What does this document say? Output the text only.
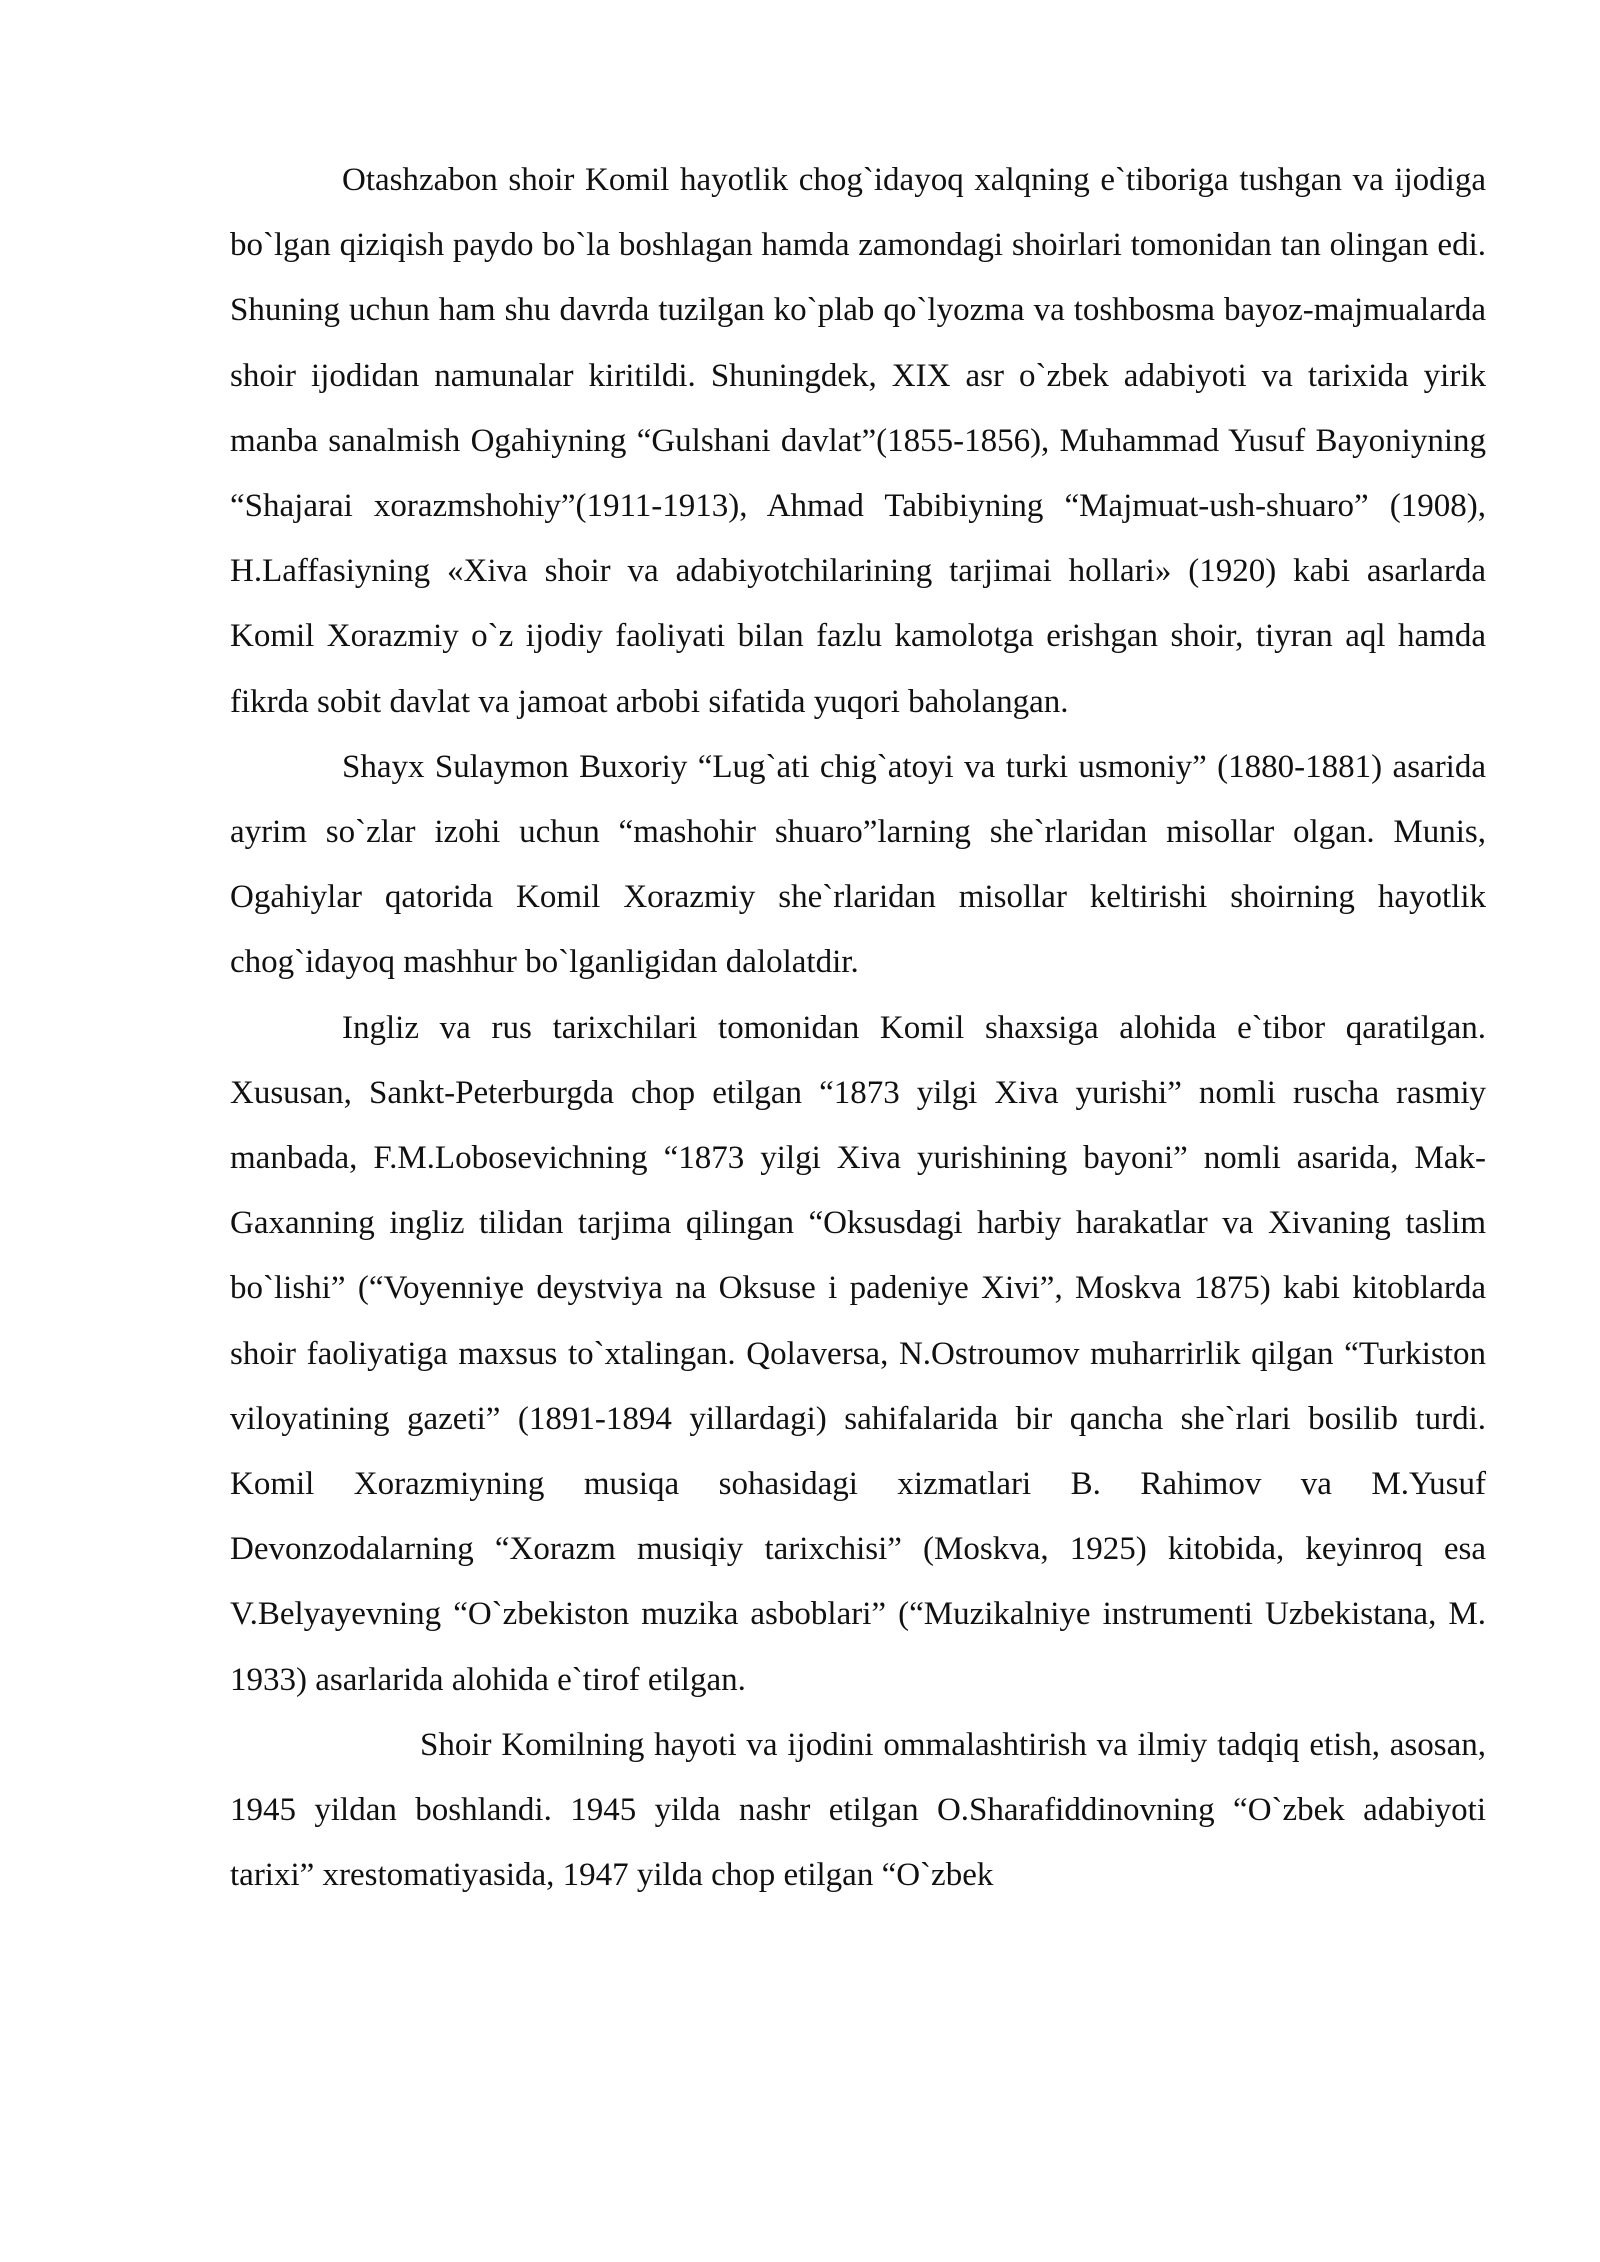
Otashzabon shoir Komil hayotlik chog`idayoq xalqning e`tiboriga tushgan va ijodiga bo`lgan qiziqish paydo bo`la boshlagan hamda zamondagi shoirlari tomonidan tan olingan edi. Shuning uchun ham shu davrda tuzilgan ko`plab qo`lyozma va toshbosma bayoz-majmualarda shoir ijodidan namunalar kiritildi. Shuningdek, XIX asr o`zbek adabiyoti va tarixida yirik manba sanalmish Ogahiyning “Gulshani davlat”(1855-1856), Muhammad Yusuf Bayoniyning “Shajarai xorazmshohiy”(1911-1913), Ahmad Tabibiyning “Majmuat-ush-shuaro” (1908), H.Laffasiyning «Xiva shoir va adabiyotchilarining tarjimai hollari» (1920) kabi asarlarda Komil Xorazmiy o`z ijodiy faoliyati bilan fazlu kamolotga erishgan shoir, tiyran aql hamda fikrda sobit davlat va jamoat arbobi sifatida yuqori baholangan.

Shayx Sulaymon Buxoriy “Lug`ati chig`atoyi va turki usmoniy” (1880-1881) asarida ayrim so`zlar izohi uchun “mashohir shuaro”larning she`rlaridan misollar olgan. Munis, Ogahiylar qatorida Komil Xorazmiy she`rlaridan misollar keltirishi shoirning hayotlik chog`idayoq mashhur bo`lganligidan dalolatdir.

Ingliz va rus tarixchilari tomonidan Komil shaxsiga alohida e`tibor qaratilgan. Xususan, Sankt-Peterburgda chop etilgan “1873 yilgi Xiva yurishi” nomli ruscha rasmiy manbada, F.M.Lobosevichning “1873 yilgi Xiva yurishining bayoni” nomli asarida, Mak-Gaxanning ingliz tilidan tarjima qilingan “Oksusdagi harbiy harakatlar va Xivaning taslim bo`lishi” (“Voyenniye deystviya na Oksuse i padeniye Xivi”, Moskva 1875) kabi kitoblarda shoir faoliyatiga maxsus to`xtalingan. Qolaversa, N.Ostroumov muharrirlik qilgan “Turkiston viloyatining gazeti” (1891-1894 yillardagi) sahifalarida bir qancha she`rlari bosilib turdi. Komil Xorazmiyning musiqa sohasidagi xizmatlari B. Rahimov va M.Yusuf Devonzodalarning “Xorazm musiqiy tarixchisi” (Moskva, 1925) kitobida, keyinroq esa V.Belyayevning “O`zbekiston muzika asboblari” (“Muzikalniye instrumenti Uzbekistana, M. 1933) asarlarida alohida e`tirof etilgan.

Shoir Komilning hayoti va ijodini ommalashtirish va ilmiy tadqiq etish, asosan, 1945 yildan boshlandi. 1945 yilda nashr etilgan O.Sharafiddinovning “O`zbek adabiyoti tarixi” xrestomatiyasida, 1947 yilda chop etilgan “O`zbek
